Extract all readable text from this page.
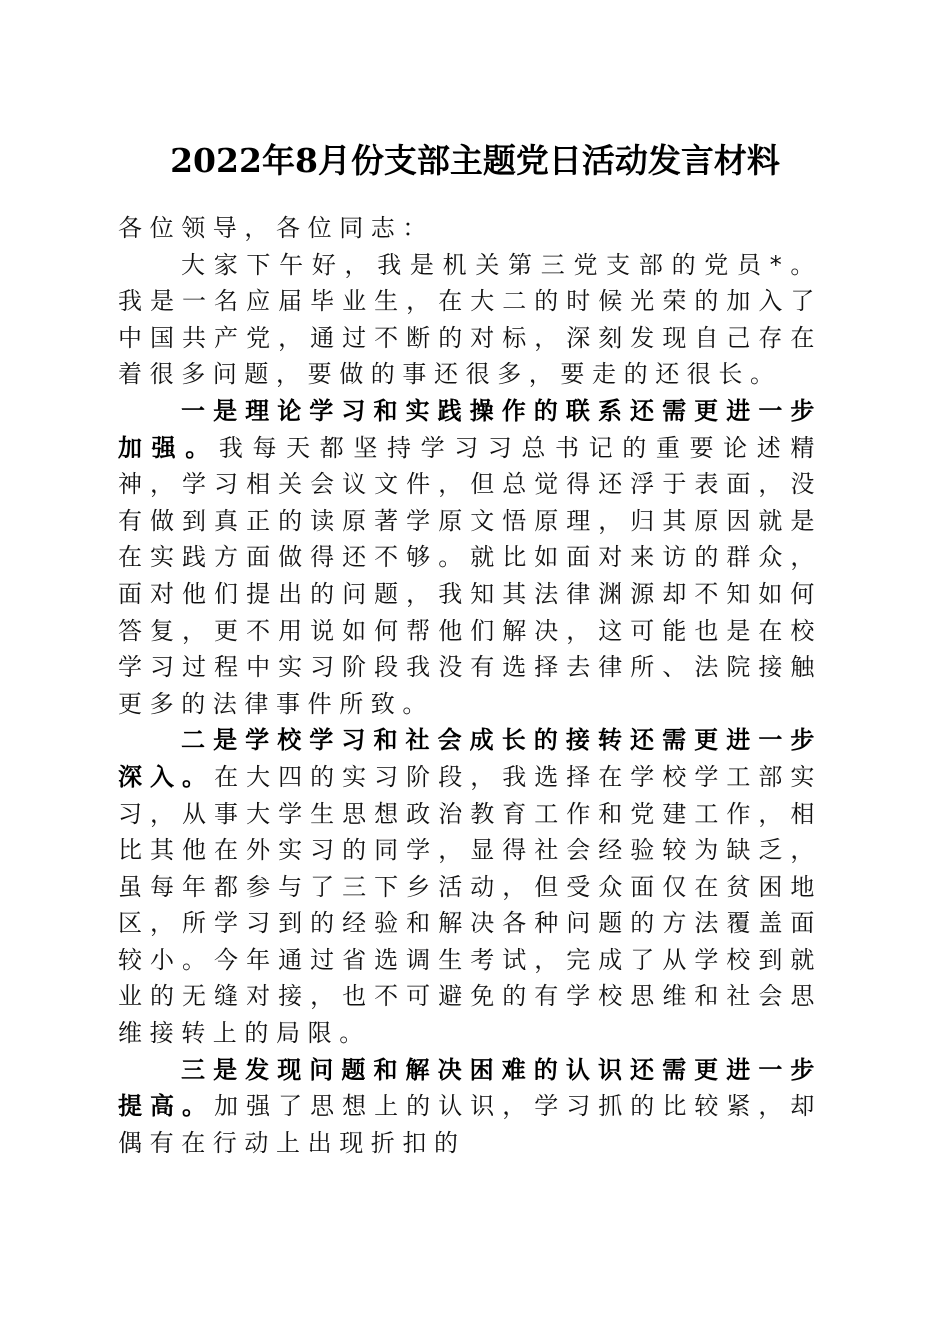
2022年8月份支部主题党日活动发言材料

各位领导，各位同志：

大家下午好，我是机关第三党支部的党员*。我是一名应届毕业生，在大二的时候光荣的加入了中国共产党，通过不断的对标，深刻发现自己存在着很多问题，要做的事还很多，要走的还很长。

一是理论学习和实践操作的联系还需更进一步加强。我每天都坚持学习习总书记的重要论述精神，学习相关会议文件，但总觉得还浮于表面，没有做到真正的读原著学原文悟原理，归其原因就是在实践方面做得还不够。就比如面对来访的群众，面对他们提出的问题，我知其法律渊源却不知如何答复，更不用说如何帮他们解决，这可能也是在校学习过程中实习阶段我没有选择去律所、法院接触更多的法律事件所致。

二是学校学习和社会成长的接转还需更进一步深入。在大四的实习阶段，我选择在学校学工部实习，从事大学生思想政治教育工作和党建工作，相比其他在外实习的同学，显得社会经验较为缺乏，虽每年都参与了三下乡活动，但受众面仅在贫困地区，所学习到的经验和解决各种问题的方法覆盖面较小。今年通过省选调生考试，完成了从学校到就业的无缝对接，也不可避免的有学校思维和社会思维接转上的局限。

三是发现问题和解决困难的认识还需更进一步提高。加强了思想上的认识，学习抓的比较紧，却偶有在行动上出现折扣的
